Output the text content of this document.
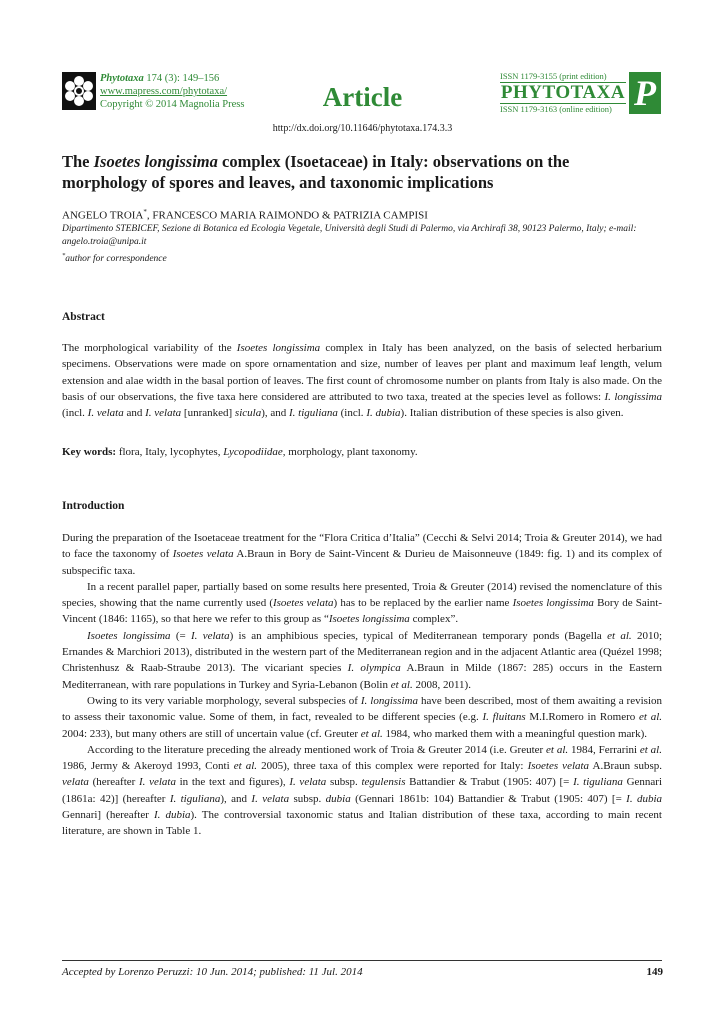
Phytotaxa 174 (3): 149–156
www.mapress.com/phytotaxa/
Copyright © 2014 Magnolia Press	Article
ISSN 1179-3155 (print edition)
PHYTOTAXA
ISSN 1179-3163 (online edition) P
http://dx.doi.org/10.11646/phytotaxa.174.3.3
The Isoetes longissima complex (Isoetaceae) in Italy: observations on the morphology of spores and leaves, and taxonomic implications
ANGELO TROIA*, FRANCESCO MARIA RAIMONDO & PATRIZIA CAMPISI
Dipartimento STEBICEF, Sezione di Botanica ed Ecologia Vegetale, Università degli Studi di Palermo, via Archirafi 38, 90123 Palermo, Italy; e-mail: angelo.troia@unipa.it
*author for correspondence
Abstract
The morphological variability of the Isoetes longissima complex in Italy has been analyzed, on the basis of selected herbarium specimens. Observations were made on spore ornamentation and size, number of leaves per plant and maximum leaf length, velum extension and alae width in the basal portion of leaves. The first count of chromosome number on plants from Italy is also made. On the basis of our observations, the five taxa here considered are attributed to two taxa, treated at the species level as follows: I. longissima (incl. I. velata and I. velata [unranked] sicula), and I. tiguliana (incl. I. dubia). Italian distribution of these species is also given.
Key words: flora, Italy, lycophytes, Lycopodiidae, morphology, plant taxonomy.
Introduction
During the preparation of the Isoetaceae treatment for the “Flora Critica d’Italia” (Cecchi & Selvi 2014; Troia & Greuter 2014), we had to face the taxonomy of Isoetes velata A.Braun in Bory de Saint-Vincent & Durieu de Maisonneuve (1849: fig. 1) and its complex of subspecific taxa.
In a recent parallel paper, partially based on some results here presented, Troia & Greuter (2014) revised the nomenclature of this species, showing that the name currently used (Isoetes velata) has to be replaced by the earlier name Isoetes longissima Bory de Saint-Vincent (1846: 1165), so that here we refer to this group as “Isoetes longissima complex”.
Isoetes longissima (= I. velata) is an amphibious species, typical of Mediterranean temporary ponds (Bagella et al. 2010; Ernandes & Marchiori 2013), distributed in the western part of the Mediterranean region and in the adjacent Atlantic area (Quézel 1998; Christenhusz & Raab-Straube 2013). The vicariant species I. olympica A.Braun in Milde (1867: 285) occurs in the Eastern Mediterranean, with rare populations in Turkey and Syria-Lebanon (Bolin et al. 2008, 2011).
Owing to its very variable morphology, several subspecies of I. longissima have been described, most of them awaiting a revision to assess their taxonomic value. Some of them, in fact, revealed to be different species (e.g. I. fluitans M.I.Romero in Romero et al. 2004: 233), but many others are still of uncertain value (cf. Greuter et al. 1984, who marked them with a meaningful question mark).
According to the literature preceding the already mentioned work of Troia & Greuter 2014 (i.e. Greuter et al. 1984, Ferrarini et al. 1986, Jermy & Akeroyd 1993, Conti et al. 2005), three taxa of this complex were reported for Italy: Isoetes velata A.Braun subsp. velata (hereafter I. velata in the text and figures), I. velata subsp. tegulensis Battandier & Trabut (1905: 407) [= I. tiguliana Gennari (1861a: 42)] (hereafter I. tiguliana), and I. velata subsp. dubia (Gennari 1861b: 104) Battandier & Trabut (1905: 407) [= I. dubia Gennari] (hereafter I. dubia). The controversial taxonomic status and Italian distribution of these taxa, according to main recent literature, are shown in Table 1.
Accepted by Lorenzo Peruzzi: 10 Jun. 2014; published: 11 Jul. 2014	149
